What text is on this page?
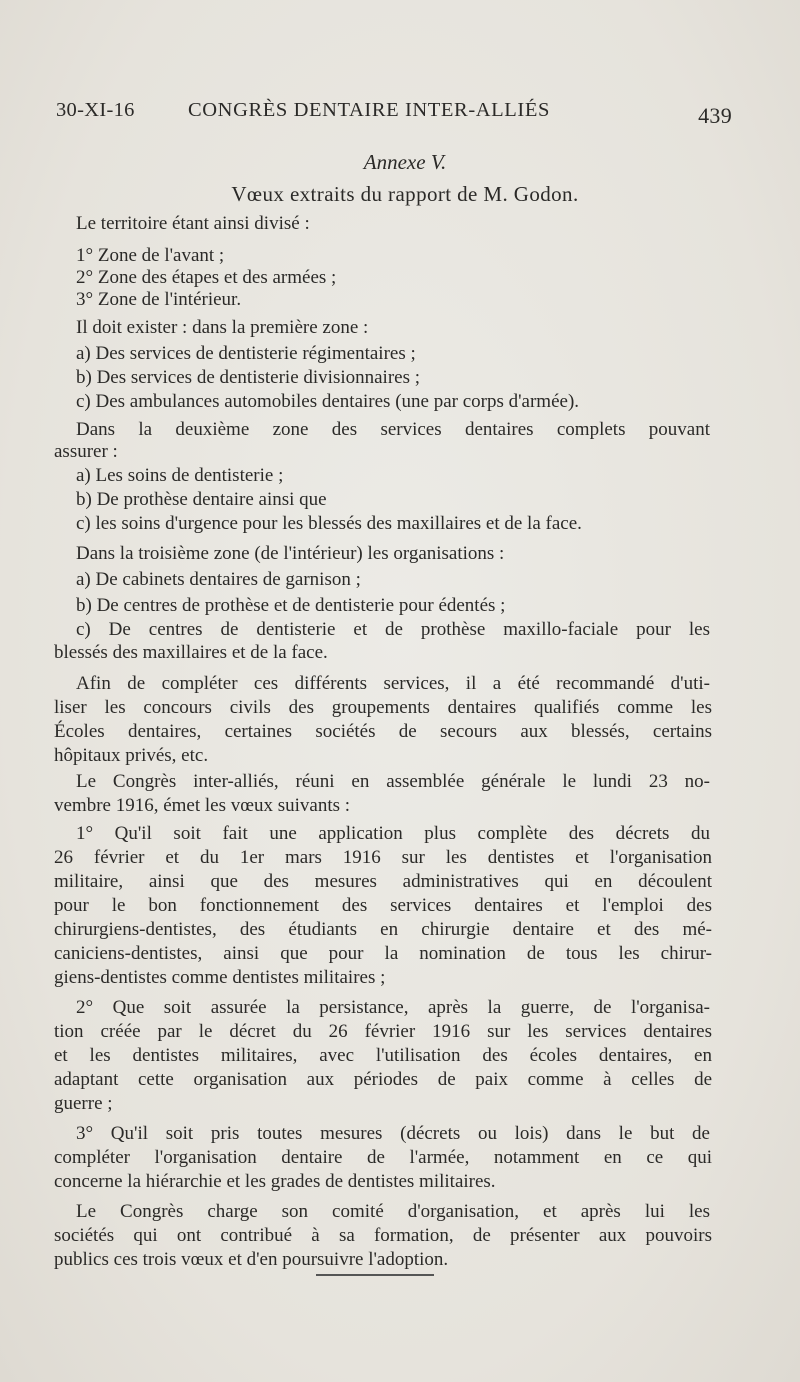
30-XI-16	CONGRÈS DENTAIRE INTER-ALLIÉS	439
Annexe V.
Vœux extraits du rapport de M. Godon.
Le territoire étant ainsi divisé :
1° Zone de l'avant ;
2° Zone des étapes et des armées ;
3° Zone de l'intérieur.
Il doit exister : dans la première zone :
a) Des services de dentisterie régimentaires ;
b) Des services de dentisterie divisionnaires ;
c) Des ambulances automobiles dentaires (une par corps d'armée).
Dans la deuxième zone des services dentaires complets pouvant
assurer :
a) Les soins de dentisterie ;
b) De prothèse dentaire ainsi que
c) les soins d'urgence pour les blessés des maxillaires et de la face.
Dans la troisième zone (de l'intérieur) les organisations :
a) De cabinets dentaires de garnison ;
b) De centres de prothèse et de dentisterie pour édentés ;
c) De centres de dentisterie et de prothèse maxillo-faciale pour les
blessés des maxillaires et de la face.
Afin de compléter ces différents services, il a été recommandé d'uti-
liser les concours civils des groupements dentaires qualifiés comme les
Écoles dentaires, certaines sociétés de secours aux blessés, certains
hôpitaux privés, etc.
Le Congrès inter-alliés, réuni en assemblée générale le lundi 23 no-
vembre 1916, émet les vœux suivants :
1° Qu'il soit fait une application plus complète des décrets du
26 février et du 1er mars 1916 sur les dentistes et l'organisation
militaire, ainsi que des mesures administratives qui en découlent
pour le bon fonctionnement des services dentaires et l'emploi des
chirurgiens-dentistes, des étudiants en chirurgie dentaire et des mé-
caniciens-dentistes, ainsi que pour la nomination de tous les chirur-
giens-dentistes comme dentistes militaires ;
2° Que soit assurée la persistance, après la guerre, de l'organisa-
tion créée par le décret du 26 février 1916 sur les services dentaires
et les dentistes militaires, avec l'utilisation des écoles dentaires, en
adaptant cette organisation aux périodes de paix comme à celles de
guerre ;
3° Qu'il soit pris toutes mesures (décrets ou lois) dans le but de
compléter l'organisation dentaire de l'armée, notamment en ce qui
concerne la hiérarchie et les grades de dentistes militaires.
Le Congrès charge son comité d'organisation, et après lui les
sociétés qui ont contribué à sa formation, de présenter aux pouvoirs
publics ces trois vœux et d'en poursuivre l'adoption.
